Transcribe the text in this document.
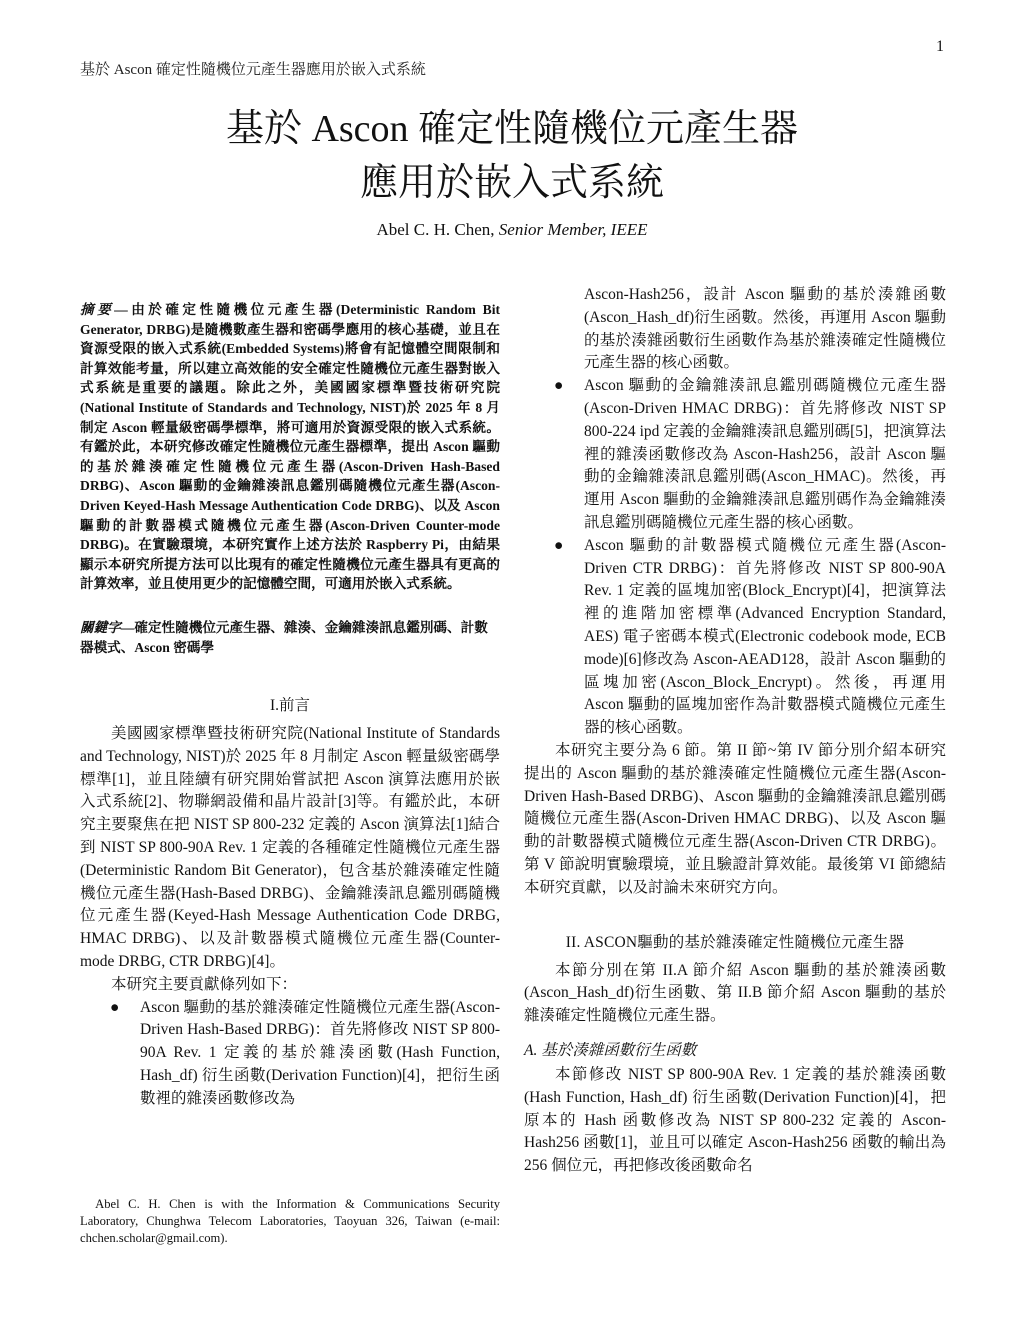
1
基於 Ascon 確定性隨機位元產生器應用於嵌入式系統
基於 Ascon 確定性隨機位元產生器
應用於嵌入式系統
Abel C. H. Chen, Senior Member, IEEE

摘要—由於確定性隨機位元產生器(Deterministic Random Bit Generator, DRBG)是隨機數產生器和密碼學應用的核心基礎，並且在資源受限的嵌入式系統(Embedded Systems)將會有記憶體空間限制和計算效能考量，所以建立高效能的安全確定性隨機位元產生器對嵌入式系統是重要的議題。除此之外，美國國家標準暨技術研究院(National Institute of Standards and Technology, NIST)於 2025 年 8 月制定 Ascon 輕量級密碼學標準，將可適用於資源受限的嵌入式系統。有鑑於此，本研究修改確定性隨機位元產生器標準，提出 Ascon 驅動的基於雜湊確定性隨機位元產生器(Ascon-Driven Hash-Based DRBG)、Ascon 驅動的金鑰雜湊訊息鑑別碼隨機位元產生器(Ascon-Driven Keyed-Hash Message Authentication Code DRBG)、以及 Ascon 驅動的計數器模式隨機位元產生器(Ascon-Driven Counter-mode DRBG)。在實驗環境，本研究實作上述方法於 Raspberry Pi，由結果顯示本研究所提方法可以比現有的確定性隨機位元產生器具有更高的計算效率，並且使用更少的記憶體空間，可適用於嵌入式系統。

關鍵字—確定性隨機位元產生器、雜湊、金鑰雜湊訊息鑑別碼、計數器模式、Ascon 密碼學

I.前言

美國國家標準暨技術研究院(National Institute of Standards and Technology, NIST)於 2025 年 8 月制定 Ascon 輕量級密碼學標準[1]，並且陸續有研究開始嘗試把 Ascon 演算法應用於嵌入式系統[2]、物聯網設備和晶片設計[3]等。有鑑於此，本研究主要聚焦在把 NIST SP 800-232 定義的 Ascon 演算法[1]結合到 NIST SP 800-90A Rev. 1 定義的各種確定性隨機位元產生器(Deterministic Random Bit Generator)，包含基於雜湊確定性隨機位元產生器(Hash-Based DRBG)、金鑰雜湊訊息鑑別碼隨機位元產生器(Keyed-Hash Message Authentication Code DRBG, HMAC DRBG)、以及計數器模式隨機位元產生器(Counter-mode DRBG, CTR DRBG)[4]。

本研究主要貢獻條列如下：

● Ascon 驅動的基於雜湊確定性隨機位元產生器(Ascon-Driven Hash-Based DRBG)：首先將修改 NIST SP 800-90A Rev. 1 定義的基於雜湊函數(Hash Function, Hash_df) 衍生函數(Derivation Function)[4]，把衍生函數裡的雜湊函數修改為

Ascon-Hash256，設計 Ascon 驅動的基於湊雜函數(Ascon_Hash_df)衍生函數。然後，再運用 Ascon 驅動的基於湊雜函數衍生函數作為基於雜湊確定性隨機位元產生器的核心函數。

● Ascon 驅動的金鑰雜湊訊息鑑別碼隨機位元產生器(Ascon-Driven HMAC DRBG)：首先將修改 NIST SP 800-224 ipd 定義的金鑰雜湊訊息鑑別碼[5]，把演算法裡的雜湊函數修改為 Ascon-Hash256，設計 Ascon 驅動的金鑰雜湊訊息鑑別碼(Ascon_HMAC)。然後，再運用 Ascon 驅動的金鑰雜湊訊息鑑別碼作為金鑰雜湊訊息鑑別碼隨機位元產生器的核心函數。
● Ascon 驅動的計數器模式隨機位元產生器(Ascon-Driven CTR DRBG)：首先將修改 NIST SP 800-90A Rev. 1 定義的區塊加密(Block_Encrypt)[4]，把演算法裡的進階加密標準(Advanced Encryption Standard, AES) 電子密碼本模式(Electronic codebook mode, ECB mode)[6]修改為 Ascon-AEAD128，設計 Ascon 驅動的區塊加密(Ascon_Block_Encrypt)。然後，再運用 Ascon 驅動的區塊加密作為計數器模式隨機位元產生器的核心函數。

本研究主要分為 6 節。第 II 節~第 IV 節分別介紹本研究提出的 Ascon 驅動的基於雜湊確定性隨機位元產生器(Ascon-Driven Hash-Based DRBG)、Ascon 驅動的金鑰雜湊訊息鑑別碼隨機位元產生器(Ascon-Driven HMAC DRBG)、以及 Ascon 驅動的計數器模式隨機位元產生器(Ascon-Driven CTR DRBG)。第 V 節說明實驗環境，並且驗證計算效能。最後第 VI 節總結本研究貢獻，以及討論未來研究方向。

II. ASCON驅動的基於雜湊確定性隨機位元產生器

本節分別在第 II.A 節介紹 Ascon 驅動的基於雜湊函數(Ascon_Hash_df)衍生函數、第 II.B 節介紹 Ascon 驅動的基於雜湊確定性隨機位元產生器。

A. 基於湊雜函數衍生函數

本節修改 NIST SP 800-90A Rev. 1 定義的基於雜湊函數(Hash Function, Hash_df) 衍生函數(Derivation Function)[4]，把原本的 Hash 函數修改為 NIST SP 800-232 定義的 Ascon-Hash256 函數[1]，並且可以確定 Ascon-Hash256 函數的輸出為 256 個位元，再把修改後函數命名

Abel C. H. Chen is with the Information & Communications Security Laboratory, Chunghwa Telecom Laboratories, Taoyuan 326, Taiwan (e-mail: chchen.scholar@gmail.com).
